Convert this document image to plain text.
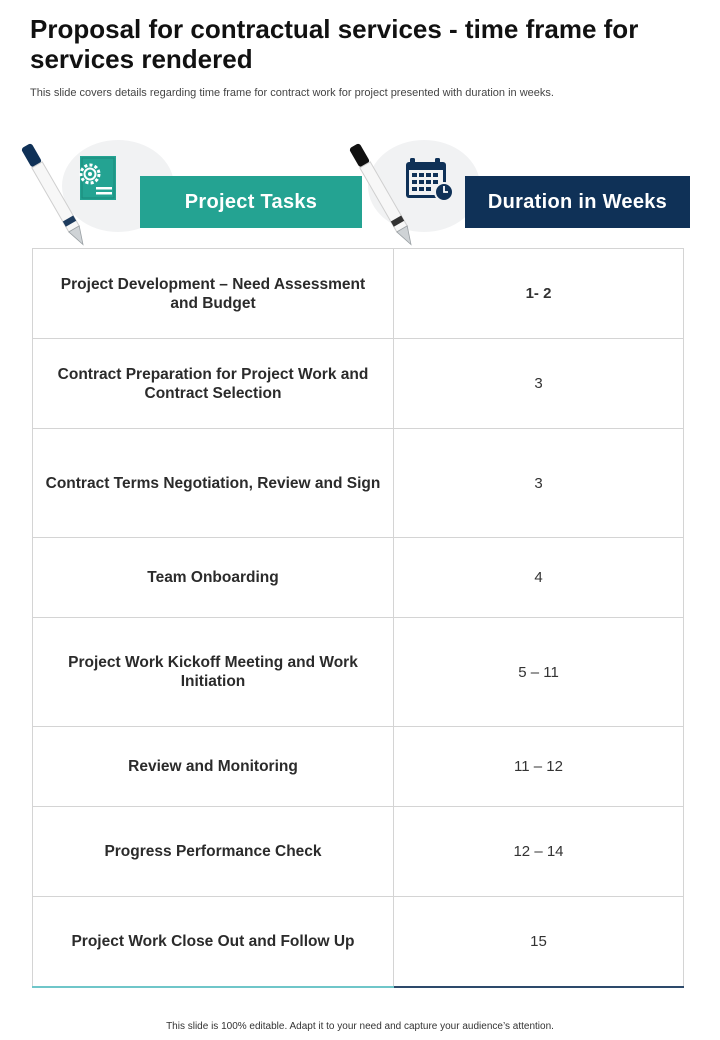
Proposal for contractual services - time frame for services rendered

This slide covers details regarding time frame for contract work for project presented with duration in weeks.

Project Tasks	Duration in Weeks
Project Development – Need Assessment and Budget	1- 2
Contract Preparation for Project Work and Contract Selection	3
Contract Terms Negotiation, Review and Sign	3
Team Onboarding	4
Project Work Kickoff Meeting and Work Initiation	5 – 11
Review and Monitoring	11 – 12
Progress Performance Check	12 – 14
Project Work Close Out and Follow Up	15
This slide is 100% editable. Adapt it to your need and capture your audience’s attention.
